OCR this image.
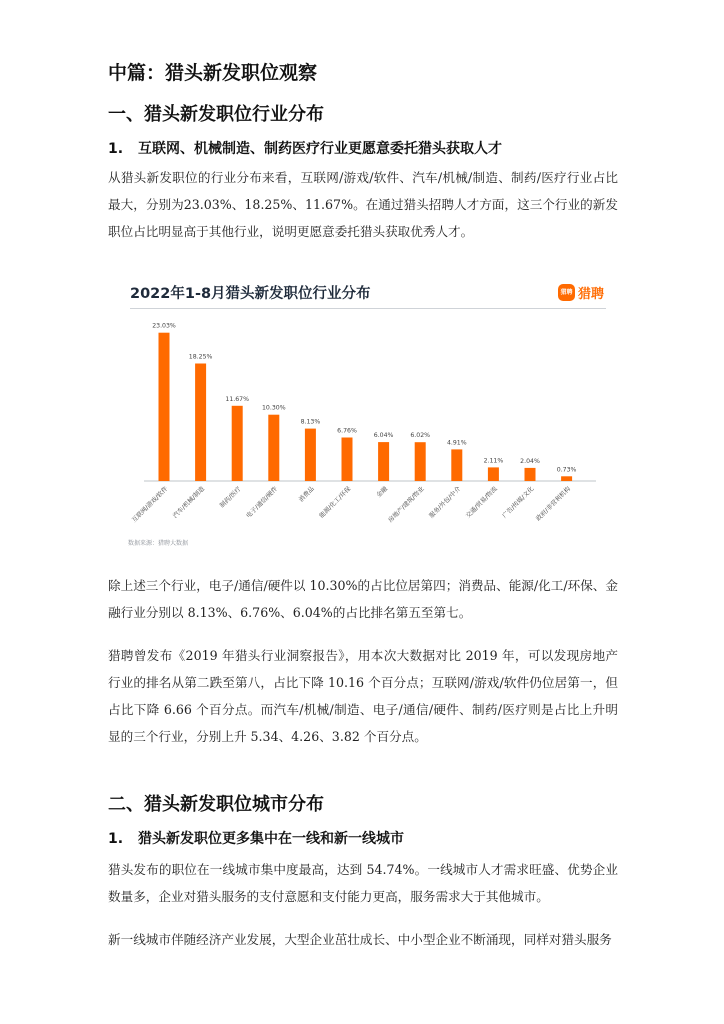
中篇：猎头新发职位观察
一、猎头新发职位行业分布
1. 互联网、机械制造、制药医疗行业更愿意委托猎头获取人才

从猎头新发职位的行业分布来看，互联网/游戏/软件、汽车/机械/制造、制药/医疗行业占比最大，分别为23.03%、18.25%、11.67%。在通过猎头招聘人才方面，这三个行业的新发职位占比明显高于其他行业，说明更愿意委托猎头获取优秀人才。

2022年1-8月猎头新发职位行业分布	猎聘 猎聘
23.03%
互联网/游戏/软件
18.25%
汽车/机械/制造
11.67%
制药/医疗
10.30%
电子/通信/硬件
8.13%
消费品
6.76%
能源/化工/环保
6.04%
金融
6.02%
房地产/建筑/物业
4.91%
服务/外包/中介
2.11%
交通/贸易/物流
2.04%
广告/传媒/文化
0.73%
政府/非营利机构
数据来源：猎聘大数据

除上述三个行业，电子/通信/硬件以 10.30%的占比位居第四；消费品、能源/化工/环保、金融行业分别以 8.13%、6.76%、6.04%的占比排名第五至第七。

猎聘曾发布《2019 年猎头行业洞察报告》，用本次大数据对比 2019 年，可以发现房地产行业的排名从第二跌至第八，占比下降 10.16 个百分点；互联网/游戏/软件仍位居第一，但占比下降 6.66 个百分点。而汽车/机械/制造、电子/通信/硬件、制药/医疗则是占比上升明显的三个行业，分别上升 5.34、4.26、3.82 个百分点。

二、猎头新发职位城市分布
1. 猎头新发职位更多集中在一线和新一线城市

猎头发布的职位在一线城市集中度最高，达到 54.74%。一线城市人才需求旺盛、优势企业数量多，企业对猎头服务的支付意愿和支付能力更高，服务需求大于其他城市。

新一线城市伴随经济产业发展，大型企业茁壮成长、中小型企业不断涌现，同样对猎头服务
